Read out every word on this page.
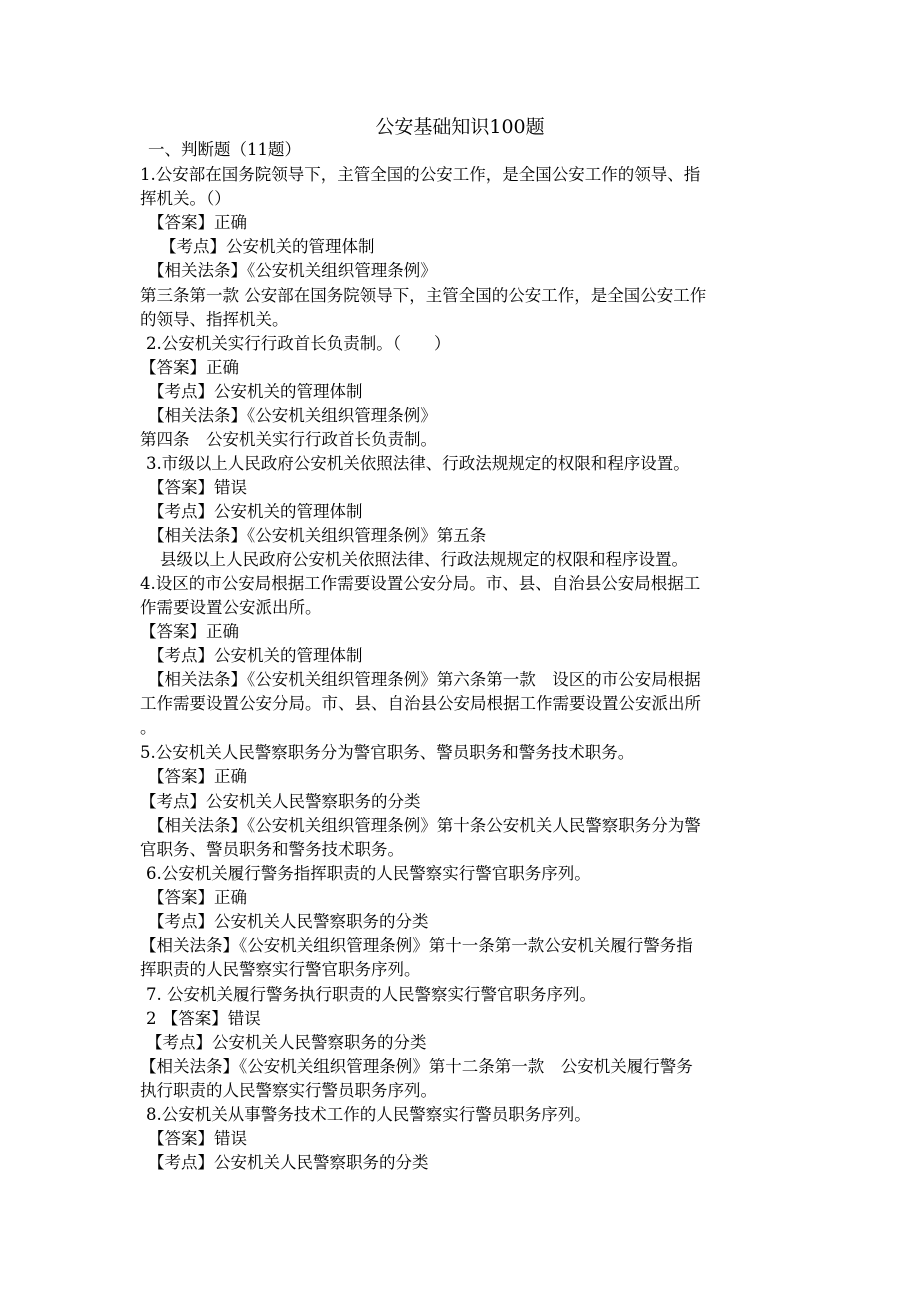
公安基础知识100题
一、判断题（11题）
1.公安部在国务院领导下，主管全国的公安工作，是全国公安工作的领导、指
挥机关。（）
【答案】正确
【考点】公安机关的管理体制
【相关法条】《公安机关组织管理条例》
第三条第一款 公安部在国务院领导下，主管全国的公安工作，是全国公安工作
的领导、指挥机关。
2.公安机关实行行政首长负责制。（　　）
【答案】正确
【考点】公安机关的管理体制
【相关法条】《公安机关组织管理条例》
第四条　公安机关实行行政首长负责制。
3.市级以上人民政府公安机关依照法律、行政法规规定的权限和程序设置。
【答案】错误
【考点】公安机关的管理体制
【相关法条】《公安机关组织管理条例》第五条
县级以上人民政府公安机关依照法律、行政法规规定的权限和程序设置。
4.设区的市公安局根据工作需要设置公安分局。市、县、自治县公安局根据工
作需要设置公安派出所。
【答案】正确
【考点】公安机关的管理体制
【相关法条】《公安机关组织管理条例》第六条第一款　设区的市公安局根据
工作需要设置公安分局。市、县、自治县公安局根据工作需要设置公安派出所
。
5.公安机关人民警察职务分为警官职务、警员职务和警务技术职务。
【答案】正确
【考点】公安机关人民警察职务的分类
【相关法条】《公安机关组织管理条例》第十条公安机关人民警察职务分为警
官职务、警员职务和警务技术职务。
6.公安机关履行警务指挥职责的人民警察实行警官职务序列。
【答案】正确
【考点】公安机关人民警察职务的分类
【相关法条】《公安机关组织管理条例》第十一条第一款公安机关履行警务指
挥职责的人民警察实行警官职务序列。
7. 公安机关履行警务执行职责的人民警察实行警官职务序列。
2 【答案】错误
【考点】公安机关人民警察职务的分类
【相关法条】《公安机关组织管理条例》第十二条第一款　公安机关履行警务
执行职责的人民警察实行警员职务序列。
8.公安机关从事警务技术工作的人民警察实行警员职务序列。
【答案】错误
【考点】公安机关人民警察职务的分类
